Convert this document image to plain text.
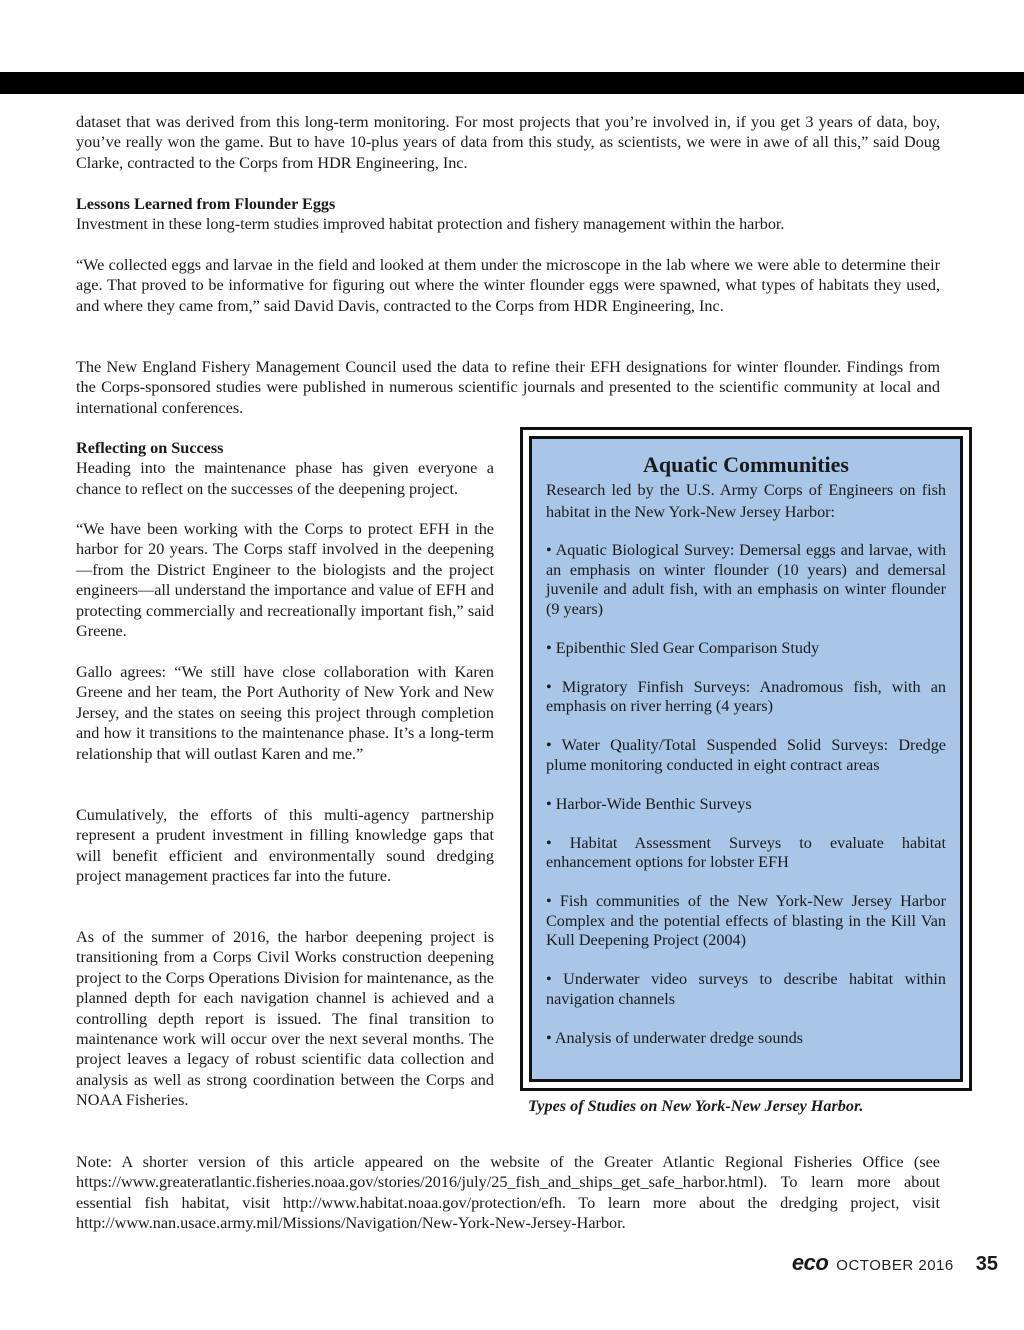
dataset that was derived from this long-term monitoring. For most projects that you’re involved in, if you get 3 years of data, boy, you’ve really won the game. But to have 10-plus years of data from this study, as scientists, we were in awe of all this,” said Doug Clarke, contracted to the Corps from HDR Engineering, Inc.

Lessons Learned from Flounder Eggs
Investment in these long-term studies improved habitat protection and fishery management within the harbor.

“We collected eggs and larvae in the field and looked at them under the microscope in the lab where we were able to determine their age. That proved to be informative for figuring out where the winter flounder eggs were spawned, what types of habitats they used, and where they came from,” said David Davis, contracted to the Corps from HDR Engineering, Inc.

The New England Fishery Management Council used the data to refine their EFH designations for winter flounder. Findings from the Corps-sponsored studies were published in numerous scientific journals and presented to the scientific community at local and international conferences.

Reflecting on Success
Heading into the maintenance phase has given everyone a chance to reflect on the successes of the deepening project.

“We have been working with the Corps to protect EFH in the harbor for 20 years. The Corps staff involved in the deepening—from the District Engineer to the biologists and the project engineers—all understand the importance and value of EFH and protecting commercially and recreationally important fish,” said Greene.

Gallo agrees: “We still have close collaboration with Karen Greene and her team, the Port Authority of New York and New Jersey, and the states on seeing this project through completion and how it transitions to the maintenance phase. It’s a long-term relationship that will outlast Karen and me.”

Cumulatively, the efforts of this multi-agency partnership represent a prudent investment in filling knowledge gaps that will benefit efficient and environmentally sound dredging project management practices far into the future.

As of the summer of 2016, the harbor deepening project is transitioning from a Corps Civil Works construction deepening project to the Corps Operations Division for maintenance, as the planned depth for each navigation channel is achieved and a controlling depth report is issued. The final transition to maintenance work will occur over the next several months. The project leaves a legacy of robust scientific data collection and analysis as well as strong coordination between the Corps and NOAA Fisheries.

Aquatic Communities

Research led by the U.S. Army Corps of Engineers on fish habitat in the New York-New Jersey Harbor:

• Aquatic Biological Survey: Demersal eggs and larvae, with an emphasis on winter flounder (10 years) and demersal juvenile and adult fish, with an emphasis on winter flounder (9 years)
• Epibenthic Sled Gear Comparison Study
• Migratory Finfish Surveys: Anadromous fish, with an emphasis on river herring (4 years)
• Water Quality/Total Suspended Solid Surveys: Dredge plume monitoring conducted in eight contract areas
• Harbor-Wide Benthic Surveys
• Habitat Assessment Surveys to evaluate habitat enhancement options for lobster EFH
• Fish communities of the New York-New Jersey Harbor Complex and the potential effects of blasting in the Kill Van Kull Deepening Project (2004)
• Underwater video surveys to describe habitat within navigation channels
• Analysis of underwater dredge sounds

Types of Studies on New York-New Jersey Harbor.

Note: A shorter version of this article appeared on the website of the Greater Atlantic Regional Fisheries Office (see https://www.greateratlantic.fisheries.noaa.gov/stories/2016/july/25_fish_and_ships_get_safe_harbor.html). To learn more about essential fish habitat, visit http://www.habitat.noaa.gov/protection/efh. To learn more about the dredging project, visit http://www.nan.usace.army.mil/Missions/Navigation/New-York-New-Jersey-Harbor.

eco OCTOBER 2016 35
